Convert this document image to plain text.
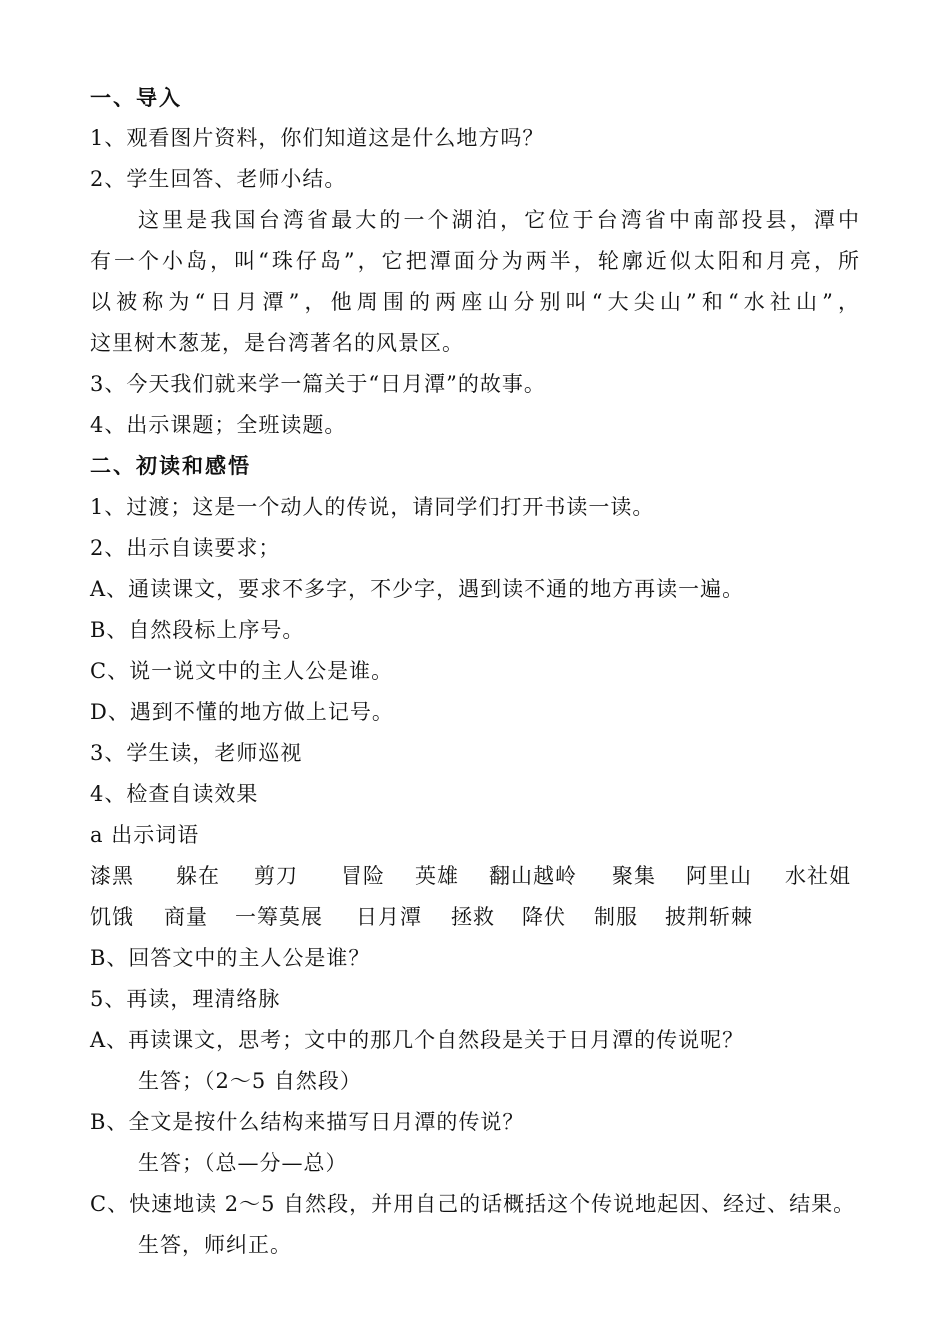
一、导入
1、观看图片资料，你们知道这是什么地方吗？
2、学生回答、老师小结。
这里是我国台湾省最大的一个湖泊，它位于台湾省中南部投县，潭中
有一个小岛，叫“珠仔岛”，它把潭面分为两半，轮廓近似太阳和月亮，所
以被称为“日月潭”，他周围的两座山分别叫“大尖山”和“水社山”，
这里树木葱茏，是台湾著名的风景区。
3、今天我们就来学一篇关于“日月潭”的故事。
4、出示课题；全班读题。
二、初读和感悟
1、过渡；这是一个动人的传说，请同学们打开书读一读。
2、出示自读要求；
A、通读课文，要求不多字，不少字，遇到读不通的地方再读一遍。
B、自然段标上序号。
C、说一说文中的主人公是谁。
D、遇到不懂的地方做上记号。
3、学生读，老师巡视
4、检查自读效果
a 出示词语
漆黑 躲在 剪刀 冒险 英雄 翻山越岭 聚集 阿里山 水社姐
饥饿 商量 一筹莫展 日月潭 拯救 降伏 制服 披荆斩棘
B、回答文中的主人公是谁？
5、再读，理清络脉
A、再读课文，思考；文中的那几个自然段是关于日月潭的传说呢？
生答；（2～5 自然段）
B、全文是按什么结构来描写日月潭的传说？
生答；（总—分—总）
C、快速地读 2～5 自然段，并用自己的话概括这个传说地起因、经过、结果。
生答，师纠正。
